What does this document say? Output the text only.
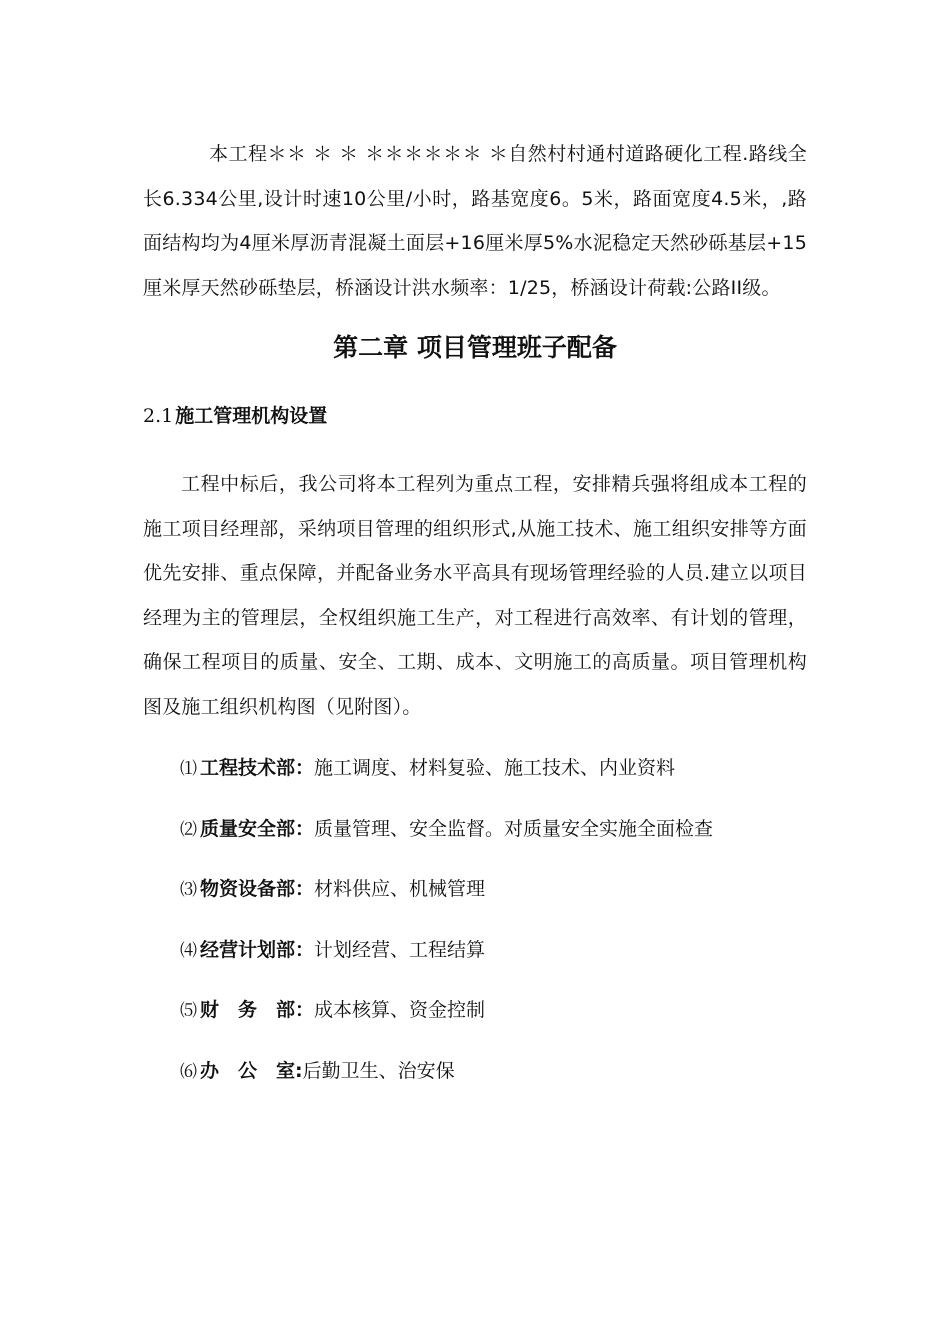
本工程＊＊ ＊ ＊ ＊＊＊＊＊＊ ＊自然村村通村道路硬化工程.路线全长6.334公里,设计时速10公里/小时，路基宽度6。5米，路面宽度4.5米，,路面结构均为4厘米厚沥青混凝土面层+16厘米厚5%水泥稳定天然砂砾基层+15厘米厚天然砂砾垫层，桥涵设计洪水频率：1/25，桥涵设计荷载:公路II级。

第二章 项目管理班子配备
2.1 施工管理机构设置

工程中标后，我公司将本工程列为重点工程，安排精兵强将组成本工程的施工项目经理部，采纳项目管理的组织形式,从施工技术、施工组织安排等方面优先安排、重点保障，并配备业务水平高具有现场管理经验的人员.建立以项目经理为主的管理层，全权组织施工生产，对工程进行高效率、有计划的管理，确保工程项目的质量、安全、工期、成本、文明施工的高质量。项目管理机构图及施工组织机构图（见附图）。

⑴ 工程技术部：施工调度、材料复验、施工技术、内业资料
⑵ 质量安全部：质量管理、安全监督。对质量安全实施全面检查
⑶ 物资设备部：材料供应、机械管理
⑷ 经营计划部：计划经营、工程结算
⑸ 财　务　部：成本核算、资金控制
⑹ 办　公　室:后勤卫生、治安保
